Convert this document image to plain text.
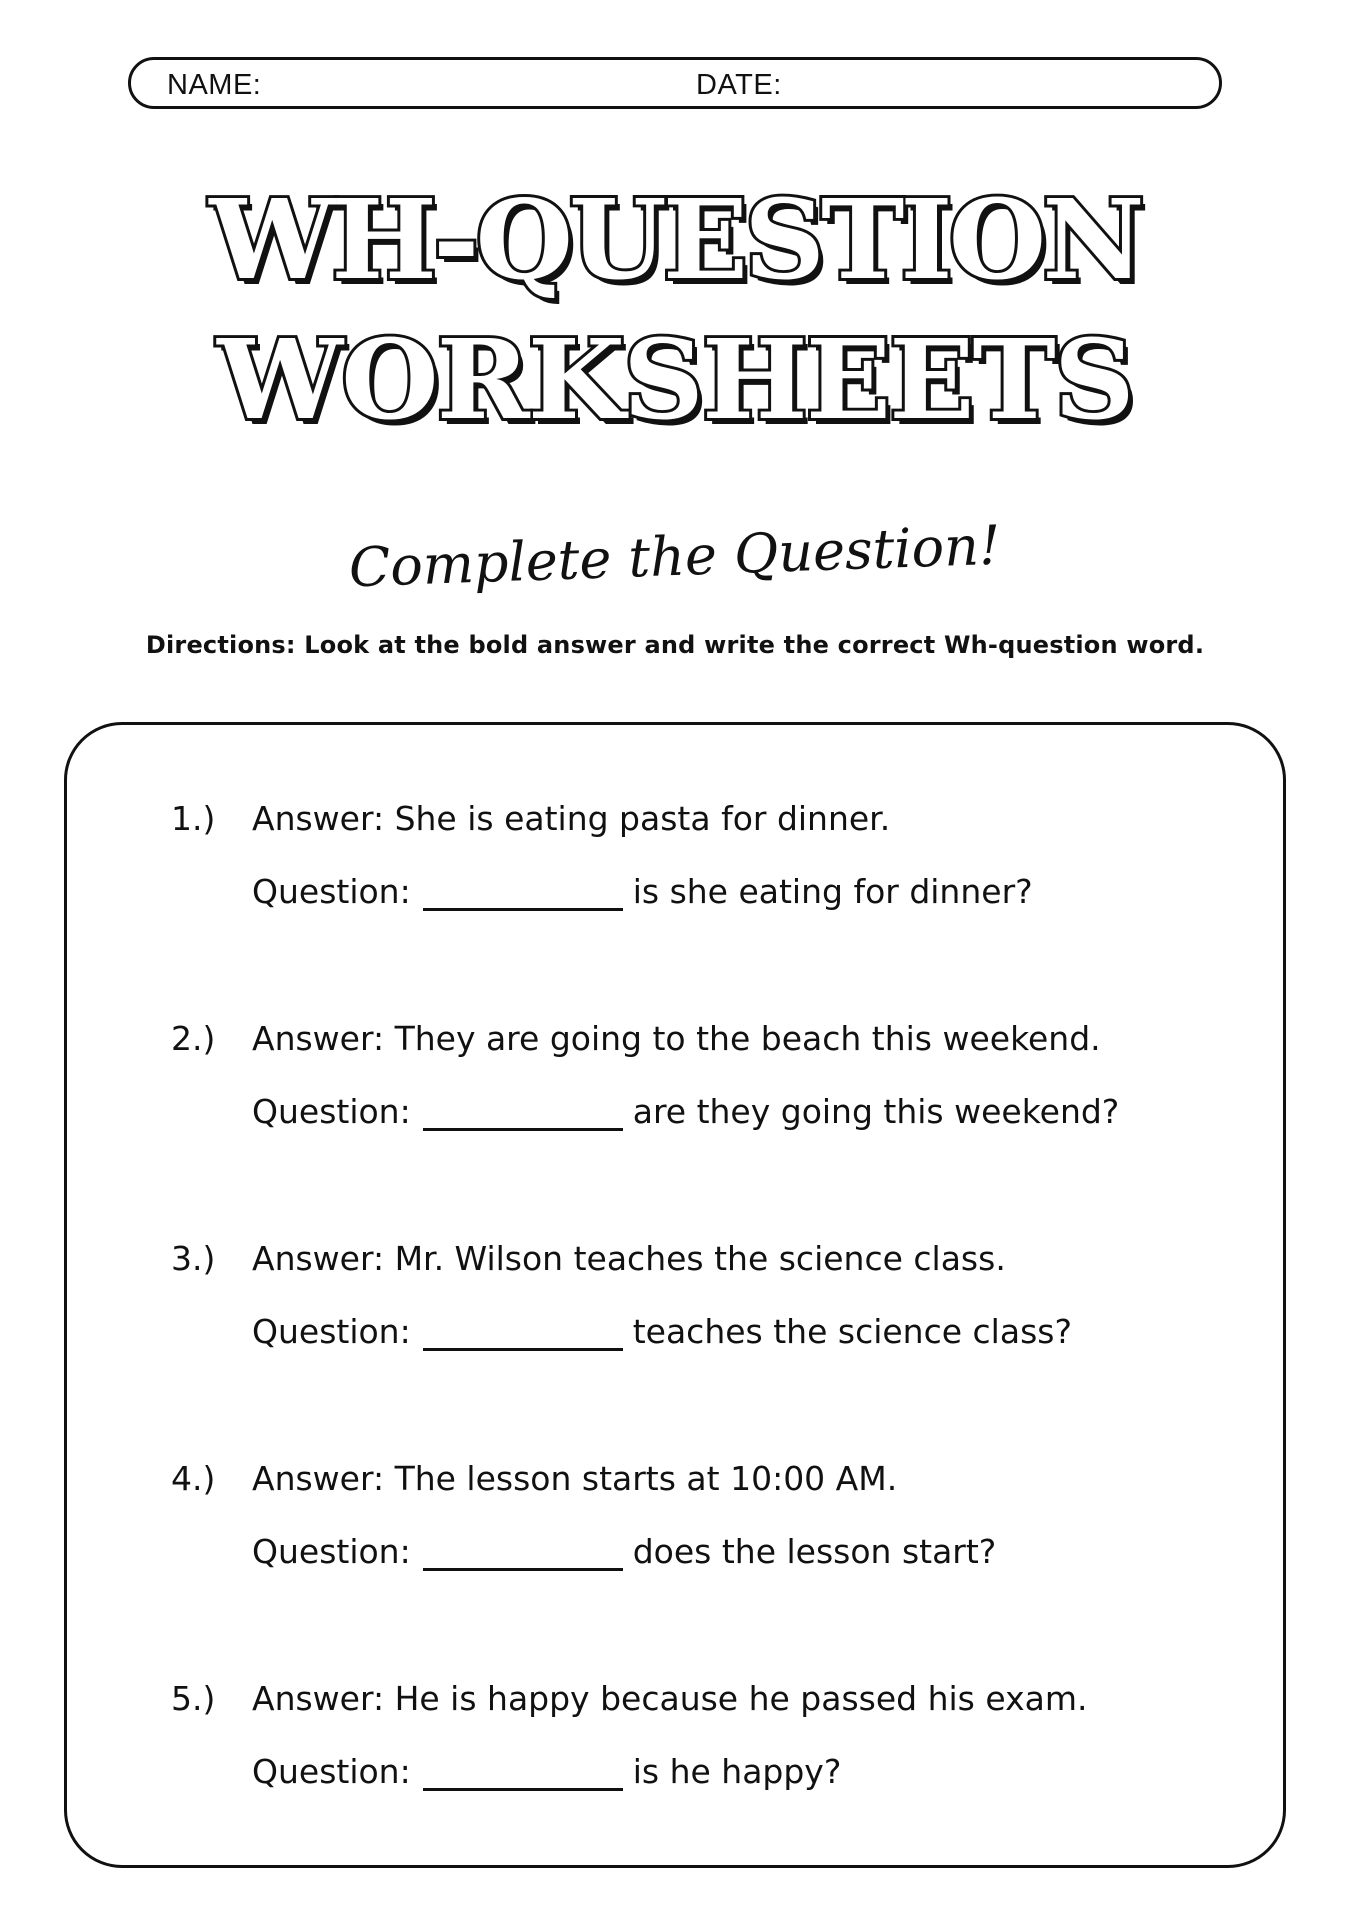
NAME:	DATE:
WH-QUESTION
WORKSHEETS
Complete the Question!
Directions: Look at the bold answer and write the correct Wh-question word.
1.) Answer: She is eating pasta for dinner.
Question:	is she eating for dinner?
2.) Answer: They are going to the beach this weekend.
Question:	are they going this weekend?
3.) Answer: Mr. Wilson teaches the science class.
Question:	teaches the science class?
4.) Answer: The lesson starts at 10:00 AM.
Question:	does the lesson start?
5.) Answer: He is happy because he passed his exam.
Question:	is he happy?
